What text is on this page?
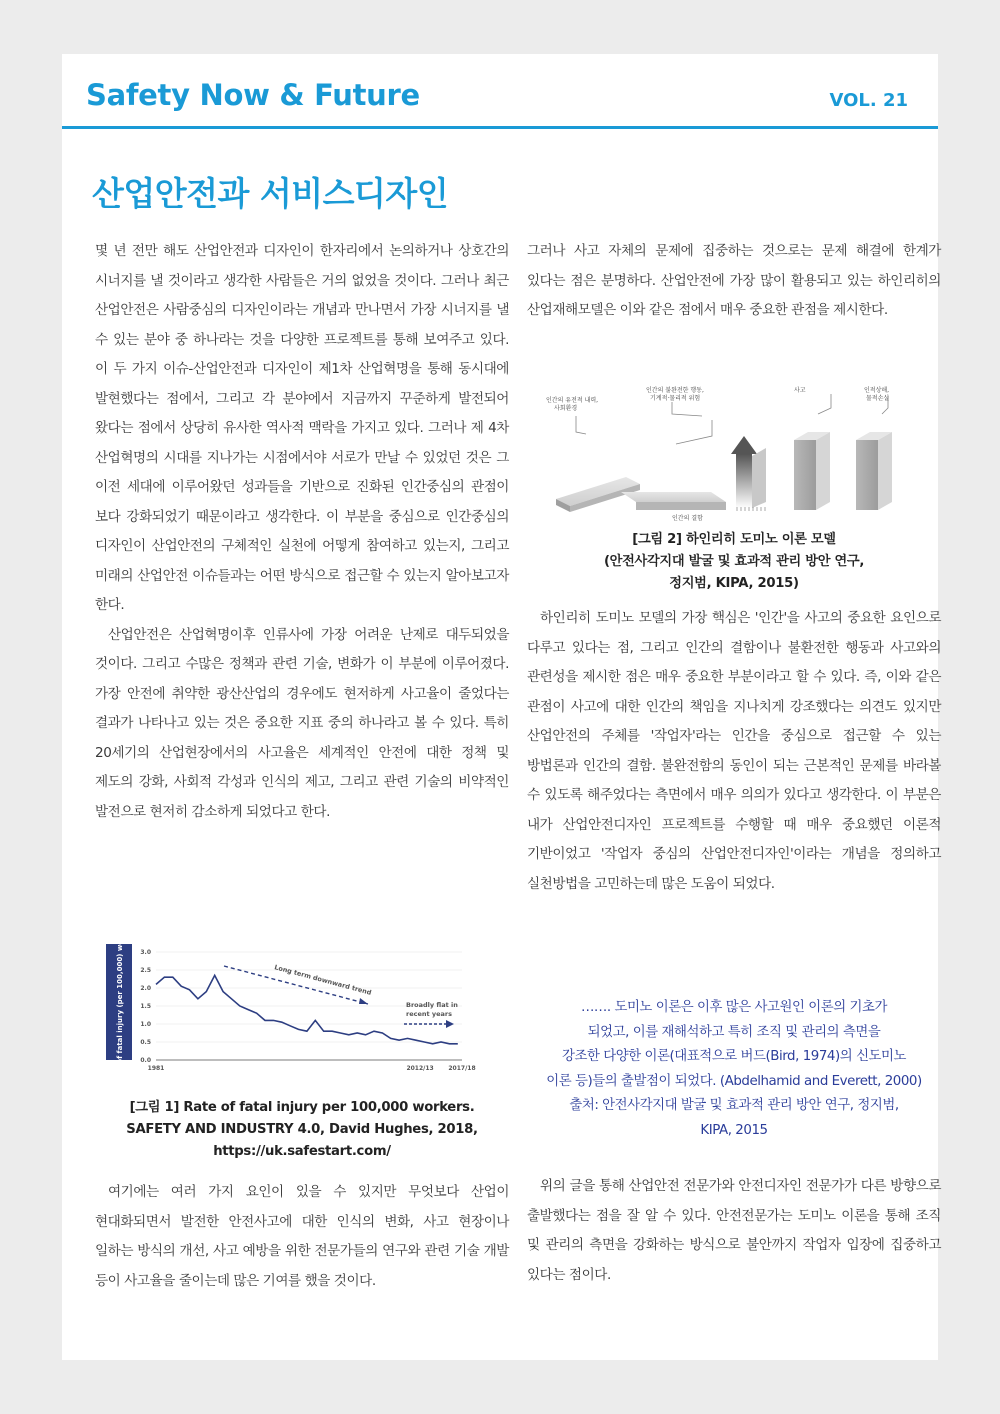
Safety Now & Future	VOL. 21
산업안전과 서비스디자인

몇 년 전만 해도 산업안전과 디자인이 한자리에서 논의하거나 상호간의 시너지를 낼 것이라고 생각한 사람들은 거의 없었을 것이다. 그러나 최근 산업안전은 사람중심의 디자인이라는 개념과 만나면서 가장 시너지를 낼 수 있는 분야 중 하나라는 것을 다양한 프로젝트를 통해 보여주고 있다. 이 두 가지 이슈-산업안전과 디자인이 제1차 산업혁명을 통해 동시대에 발현했다는 점에서, 그리고 각 분야에서 지금까지 꾸준하게 발전되어 왔다는 점에서 상당히 유사한 역사적 맥락을 가지고 있다. 그러나 제 4차 산업혁명의 시대를 지나가는 시점에서야 서로가 만날 수 있었던 것은 그 이전 세대에 이루어왔던 성과들을 기반으로 진화된 인간중심의 관점이 보다 강화되었기 때문이라고 생각한다. 이 부분을 중심으로 인간중심의 디자인이 산업안전의 구체적인 실천에 어떻게 참여하고 있는지, 그리고 미래의 산업안전 이슈들과는 어떤 방식으로 접근할 수 있는지 알아보고자 한다.

산업안전은 산업혁명이후 인류사에 가장 어려운 난제로 대두되었을 것이다. 그리고 수많은 정책과 관련 기술, 변화가 이 부분에 이루어졌다. 가장 안전에 취약한 광산산업의 경우에도 현저하게 사고율이 줄었다는 결과가 나타나고 있는 것은 중요한 지표 중의 하나라고 볼 수 있다. 특히 20세기의 산업현장에서의 사고율은 세계적인 안전에 대한 정책 및 제도의 강화, 사회적 각성과 인식의 제고, 그리고 관련 기술의 비약적인 발전으로 현저히 감소하게 되었다고 한다.

Rate of fatal injury (per 100,000) workers	0.0
0.5
1.0
1.5
2.0
2.5
3.0
1981	2012/13 2017/18
Long term downward trend
Broadly flat in
recent years
[그림 1] Rate of fatal injury per 100,000 workers.
SAFETY AND INDUSTRY 4.0, David Hughes, 2018,
https://uk.safestart.com/

여기에는 여러 가지 요인이 있을 수 있지만 무엇보다 산업이 현대화되면서 발전한 안전사고에 대한 인식의 변화, 사고 현장이나 일하는 방식의 개선, 사고 예방을 위한 전문가들의 연구와 관련 기술 개발 등이 사고율을 줄이는데 많은 기여를 했을 것이다.

그러나 사고 자체의 문제에 집중하는 것으로는 문제 해결에 한계가 있다는 점은 분명하다. 산업안전에 가장 많이 활용되고 있는 하인리히의 산업재해모델은 이와 같은 점에서 매우 중요한 관점을 제시한다.

인간의 유전적 내력,
사회환경
인간의 불완전한 행동,
기계적·물리적 위험
인간의 결함
사고	인적상해,
물적손실
[그림 2] 하인리히 도미노 이론 모델
(안전사각지대 발굴 및 효과적 관리 방안 연구,
정지범, KIPA, 2015)

하인리히 도미노 모델의 가장 핵심은 '인간'을 사고의 중요한 요인으로 다루고 있다는 점, 그리고 인간의 결함이나 불환전한 행동과 사고와의 관련성을 제시한 점은 매우 중요한 부분이라고 할 수 있다. 즉, 이와 같은 관점이 사고에 대한 인간의 책임을 지나치게 강조했다는 의견도 있지만 산업안전의 주체를 '작업자'라는 인간을 중심으로 접근할 수 있는 방법론과 인간의 결함. 불완전함의 동인이 되는 근본적인 문제를 바라볼 수 있도록 해주었다는 측면에서 매우 의의가 있다고 생각한다. 이 부분은 내가 산업안전디자인 프로젝트를 수행할 때 매우 중요했던 이론적 기반이었고 '작업자 중심의 산업안전디자인'이라는 개념을 정의하고 실천방법을 고민하는데 많은 도움이 되었다.

……. 도미노 이론은 이후 많은 사고원인 이론의 기초가
되었고, 이를 재해석하고 특히 조직 및 관리의 측면을
강조한 다양한 이론(대표적으로 버드(Bird, 1974)의 신도미노
이론 등)들의 출발점이 되었다. (Abdelhamid and Everett, 2000)
출처: 안전사각지대 발굴 및 효과적 관리 방안 연구, 정지범,
KIPA, 2015

위의 글을 통해 산업안전 전문가와 안전디자인 전문가가 다른 방향으로 출발했다는 점을 잘 알 수 있다. 안전전문가는 도미노 이론을 통해 조직 및 관리의 측면을 강화하는 방식으로 불안까지 작업자 입장에 집중하고 있다는 점이다.
